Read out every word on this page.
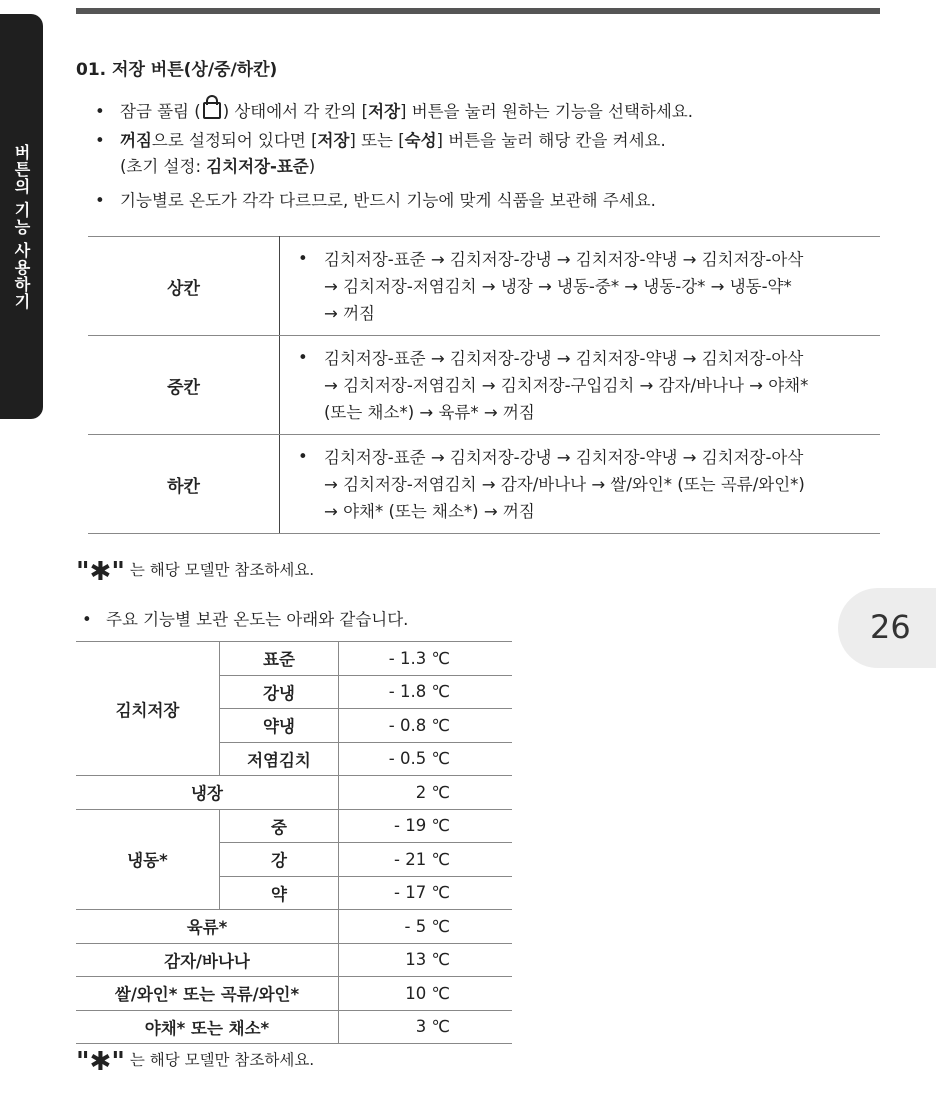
버튼의 기능 사용하기
26
01. 저장 버튼(상/중/하칸)
• 잠금 풀림 ( ) 상태에서 각 칸의 [저장] 버튼을 눌러 원하는 기능을 선택하세요.
• 꺼짐으로 설정되어 있다면 [저장] 또는 [숙성] 버튼을 눌러 해당 칸을 켜세요.
(초기 설정: 김치저장-표준)
• 기능별로 온도가 각각 다르므로, 반드시 기능에 맞게 식품을 보관해 주세요.
상칸	• 김치저장-표준 → 김치저장-강냉 → 김치저장-약냉 → 김치저장-아삭
→ 김치저장-저염김치 → 냉장 → 냉동-중* → 냉동-강* → 냉동-약*
→ 꺼짐
중칸	• 김치저장-표준 → 김치저장-강냉 → 김치저장-약냉 → 김치저장-아삭
→ 김치저장-저염김치 → 김치저장-구입김치 → 감자/바나나 → 야채*
(또는 채소*) → 육류* → 꺼짐
하칸	• 김치저장-표준 → 김치저장-강냉 → 김치저장-약냉 → 김치저장-아삭
→ 김치저장-저염김치 → 감자/바나나 → 쌀/와인* (또는 곡류/와인*)
→ 야채* (또는 채소*) → 꺼짐
"✱" 는 해당 모델만 참조하세요.
• 주요 기능별 보관 온도는 아래와 같습니다.
김치저장	표준	- 1.3 ℃
	강냉	- 1.8 ℃
	약냉	- 0.8 ℃
	저염김치	- 0.5 ℃
냉장		2 ℃
냉동*	중	- 19 ℃
	강	- 21 ℃
	약	- 17 ℃
육류*		- 5 ℃
감자/바나나		13 ℃
쌀/와인* 또는 곡류/와인*		10 ℃
야채* 또는 채소*		3 ℃
"✱" 는 해당 모델만 참조하세요.
